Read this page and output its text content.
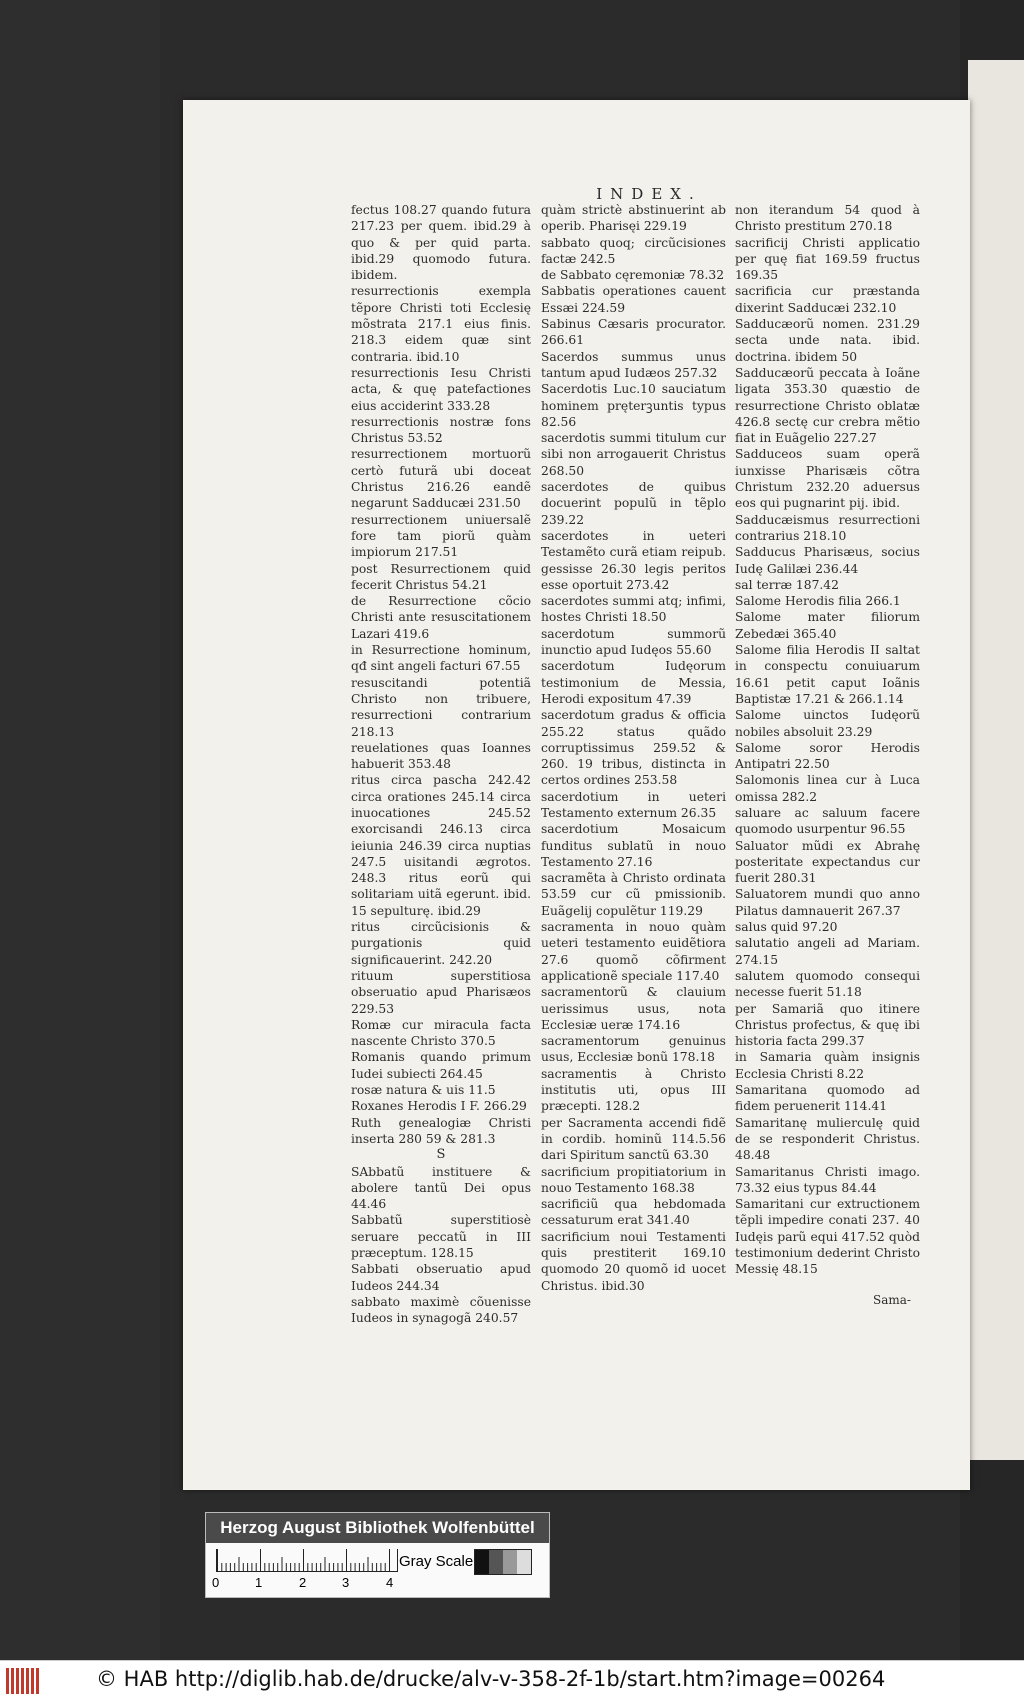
INDEX.

fectus 108.27 quando futura 217.23 per quem. ibid.29 à quo & per quid parta. ibid.29 quomodo futura. ibidem.

resurrectionis exempla tẽpore Christi toti Ecclesię mõstrata 217.1 eius finis. 218.3 eidem quæ sint contraria. ibid.10

resurrectionis Iesu Christi acta, & quę patefactiones eius acciderint 333.28

resurrectionis nostræ fons Christus 53.52

resurrectionem mortuorũ certò futurã ubi doceat Christus 216.26 eandẽ negarunt Sadducæi 231.50

resurrectionem uniuersalẽ fore tam piorũ quàm impiorum 217.51

post Resurrectionem quid fecerit Christus 54.21

de Resurrectione cõcio Christi ante resuscitationem Lazari 419.6

in Resurrectione hominum, qđ sint angeli facturi 67.55

resuscitandi potentiã Christo non tribuere, resurrectioni contrarium 218.13

reuelationes quas Ioannes habuerit 353.48

ritus circa pascha 242.42 circa orationes 245.14 circa inuocationes 245.52 exorcisandi 246.13 circa ieiunia 246.39 circa nuptias 247.5 uisitandi ægrotos. 248.3 ritus eorũ qui solitariam uitã egerunt. ibid. 15 sepulturę. ibid.29

ritus circũcisionis & purgationis quid significauerint. 242.20

rituum superstitiosa obseruatio apud Pharisæos 229.53

Romæ cur miracula facta nascente Christo 370.5

Romanis quando primum Iudei subiecti 264.45

rosæ natura & uis 11.5

Roxanes Herodis I F. 266.29

Ruth genealogiæ Christi inserta 280 59 & 281.3

S

SAbbatũ instituere & abolere tantũ Dei opus 44.46

Sabbatũ superstitiosè seruare peccatũ in III præceptum. 128.15

Sabbati obseruatio apud Iudeos 244.34

sabbato maximè cõuenisse Iudeos in synagogã 240.57

quàm strictè abstinuerint ab operib. Pharisęi 229.19

sabbato quoq; circũcisiones factæ 242.5

de Sabbato cęremoniæ 78.32

Sabbatis operationes cauent Essæi 224.59

Sabinus Cæsaris procurator. 266.61

Sacerdos summus unus tantum apud Iudæos 257.32

Sacerdotis Luc.10 sauciatum hominem pręterꝫuntis typus 82.56

sacerdotis summi titulum cur sibi non arrogauerit Christus 268.50

sacerdotes de quibus docuerint populũ in tẽplo 239.22

sacerdotes in ueteri Testamẽto curã etiam reipub. gessisse 26.30 legis peritos esse oportuit 273.42

sacerdotes summi atq; infimi, hostes Christi 18.50

sacerdotum summorũ inunctio apud Iudęos 55.60

sacerdotum Iudęorum testimonium de Messia, Herodi expositum 47.39

sacerdotum gradus & officia 255.22 status quãdo corruptissimus 259.52 & 260. 19 tribus, distincta in certos ordines 253.58

sacerdotium in ueteri Testamento externum 26.35

sacerdotium Mosaicum funditus sublatũ in nouo Testamento 27.16

sacramẽta à Christo ordinata 53.59 cur cũ pmissionib. Euãgelij copulẽtur 119.29

sacramenta in nouo quàm ueteri testamento euidẽtiora 27.6 quomõ cõfirment applicationẽ speciale 117.40

sacramentorũ & clauium uerissimus usus, nota Ecclesiæ ueræ 174.16

sacramentorum genuinus usus, Ecclesiæ bonũ 178.18

sacramentis à Christo institutis uti, opus III præcepti. 128.2

per Sacramenta accendi fidẽ in cordib. hominũ 114.5.56 dari Spiritum sanctũ 63.30

sacrificium propitiatorium in nouo Testamento 168.38

sacrificiũ qua hebdomada cessaturum erat 341.40

sacrificium noui Testamenti quis prestiterit 169.10 quomodo 20 quomõ id uocet Christus. ibid.30

non iterandum 54 quod à Christo prestitum 270.18

sacrificij Christi applicatio per quę fiat 169.59 fructus 169.35

sacrificia cur præstanda dixerint Sadducæi 232.10

Sadducæorũ nomen. 231.29 secta unde nata. ibid. doctrina. ibidem 50

Sadducæorũ peccata à Ioãne ligata 353.30 quæstio de resurrectione Christo oblatæ 426.8 sectę cur crebra mẽtio fiat in Euãgelio 227.27

Sadduceos suam operã iunxisse Pharisæis cõtra Christum 232.20 aduersus eos qui pugnarint pij. ibid.

Sadducæismus resurrectioni contrarius 218.10

Sadducus Pharisæus, socius Iudę Galilæi 236.44

sal terræ 187.42

Salome Herodis filia 266.1

Salome mater filiorum Zebedæi 365.40

Salome filia Herodis II saltat in conspectu conuiuarum 16.61 petit caput Ioãnis Baptistæ 17.21 & 266.1.14

Salome uinctos Iudęorũ nobiles absoluit 23.29

Salome soror Herodis Antipatri 22.50

Salomonis linea cur à Luca omissa 282.2

saluare ac saluum facere quomodo usurpentur 96.55

Saluator mũdi ex Abrahę posteritate expectandus cur fuerit 280.31

Saluatorem mundi quo anno Pilatus damnauerit 267.37

salus quid 97.20

salutatio angeli ad Mariam. 274.15

salutem quomodo consequi necesse fuerit 51.18

per Samariã quo itinere Christus profectus, & quę ibi historia facta 299.37

in Samaria quàm insignis Ecclesia Christi 8.22

Samaritana quomodo ad fidem peruenerit 114.41

Samaritanę mulierculę quid de se responderit Christus. 48.48

Samaritanus Christi imago. 73.32 eius typus 84.44

Samaritani cur extructionem tẽpli impedire conati 237. 40 Iudęis parũ equi 417.52 quòd testimonium dederint Christo Messię 48.15

Sama-
Herzog August Bibliothek Wolfenbüttel
0	1	2	3	4
Gray Scale
© HAB http://diglib.hab.de/drucke/alv-v-358-2f-1b/start.htm?image=00264
